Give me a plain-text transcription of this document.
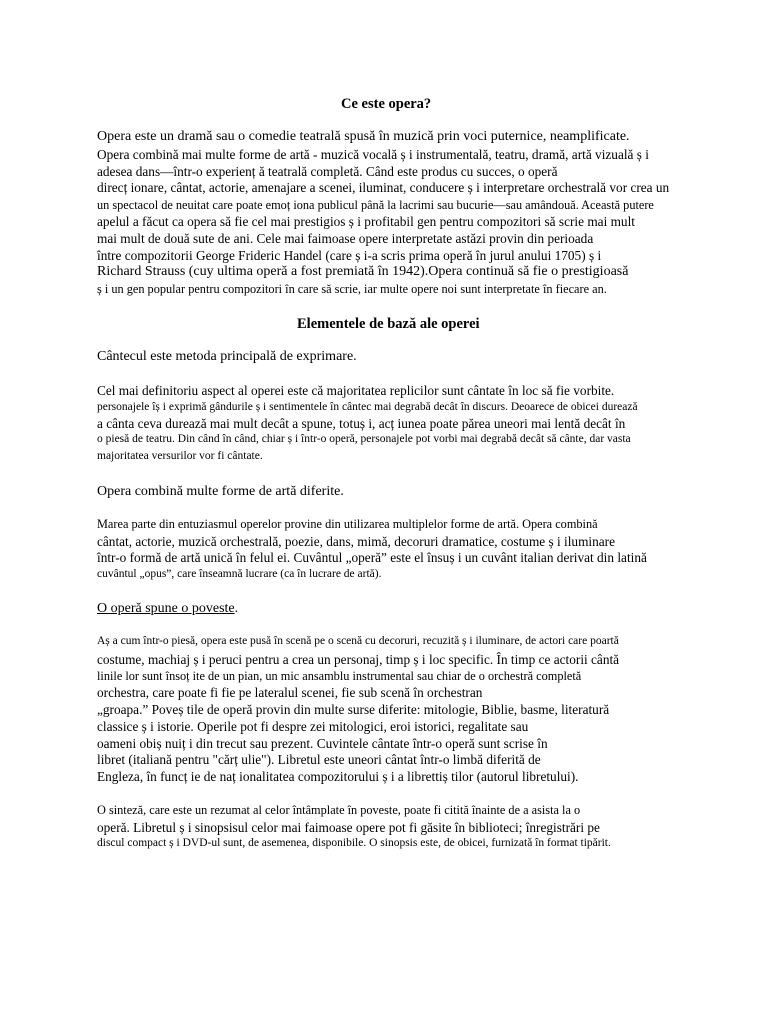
Ce este opera?
Opera este un dramă sau o comedie teatrală spusă în muzică prin voci puternice, neamplificate.
Opera combină mai multe forme de artă - muzică vocală ș i instrumentală, teatru, dramă, artă vizuală ș i
adesea dans—într-o experienț ă teatrală completă. Când este produs cu succes, o operă
direcț ionare, cântat, actorie, amenajare a scenei, iluminat, conducere ș i interpretare orchestrală vor crea un
un spectacol de neuitat care poate emoț iona publicul până la lacrimi sau bucurie—sau amândouă. Această putere
apelul a făcut ca opera să fie cel mai prestigios ș i profitabil gen pentru compozitori să scrie mai mult
mai mult de două sute de ani. Cele mai faimoase opere interpretate astăzi provin din perioada
între compozitorii George Frideric Handel (care ș i-a scris prima operă în jurul anului 1705) ș i
Richard Strauss (cuy ultima operă a fost premiată în 1942).Opera continuă să fie o prestigioasă
ș i un gen popular pentru compozitori în care să scrie, iar multe opere noi sunt interpretate în fiecare an.
Elementele de bază ale operei
Cântecul este metoda principală de exprimare.
Cel mai definitoriu aspect al operei este că majoritatea replicilor sunt cântate în loc să fie vorbite.
personajele îș i exprimă gândurile ș i sentimentele în cântec mai degrabă decât în discurs. Deoarece de obicei durează
a cânta ceva durează mai mult decât a spune, totuș i, acț iunea poate părea uneori mai lentă decât în
o piesă de teatru. Din când în când, chiar ș i într-o operă, personajele pot vorbi mai degrabă decât să cânte, dar vasta
majoritatea versurilor vor fi cântate.
Opera combină multe forme de artă diferite.
Marea parte din entuziasmul operelor provine din utilizarea multiplelor forme de artă. Opera combină
cântat, actorie, muzică orchestrală, poezie, dans, mimă, decoruri dramatice, costume ș i iluminare
într-o formă de artă unică în felul ei. Cuvântul „operă” este el însuș i un cuvânt italian derivat din latină
cuvântul „opus”, care înseamnă lucrare (ca în lucrare de artă).
O operă spune o poveste.
Aș a cum într-o piesă, opera este pusă în scenă pe o scenă cu decoruri, recuzită ș i iluminare, de actori care poartă
costume, machiaj ș i peruci pentru a crea un personaj, timp ș i loc specific. În timp ce actorii cântă
linile lor sunt însoț ite de un pian, un mic ansamblu instrumental sau chiar de o orchestră completă
orchestra, care poate fi fie pe lateralul scenei, fie sub scenă în orchestran
„groapa.” Poveș tile de operă provin din multe surse diferite: mitologie, Biblie, basme, literatură
classice ș i istorie. Operile pot fi despre zei mitologici, eroi istorici, regalitate sau
oameni obiș nuiț i din trecut sau prezent. Cuvintele cântate într-o operă sunt scrise în
libret (italiană pentru "cărț ulie"). Libretul este uneori cântat într-o limbă diferită de
Engleza, în funcț ie de naț ionalitatea compozitorului ș i a librettiș tilor (autorul libretului).
O sinteză, care este un rezumat al celor întâmplate în poveste, poate fi citită înainte de a asista la o
operă. Libretul ș i sinopsisul celor mai faimoase opere pot fi găsite în biblioteci; înregistrări pe
discul compact ș i DVD-ul sunt, de asemenea, disponibile. O sinopsis este, de obicei, furnizată în format tipărit.
